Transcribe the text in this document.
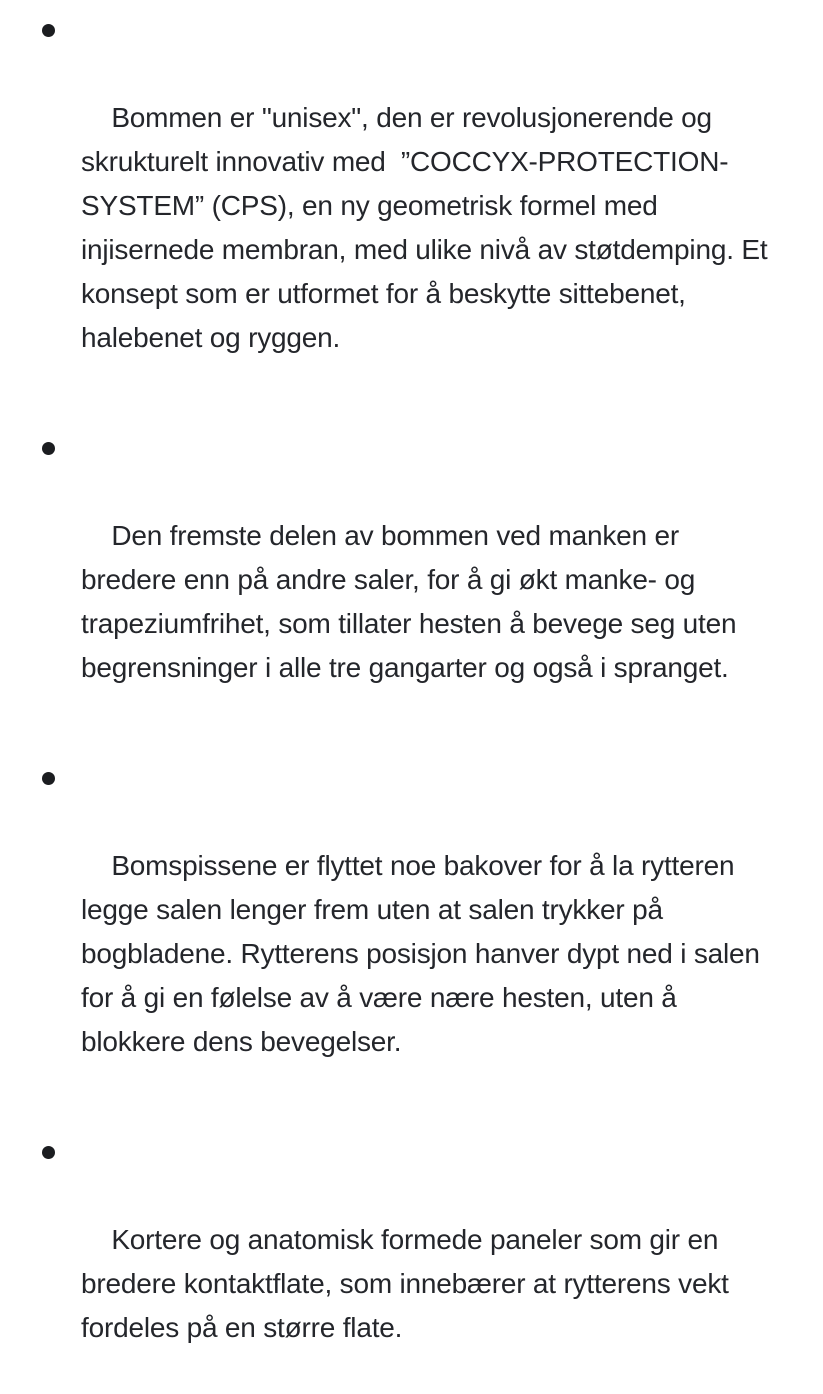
Bommen er "unisex", den er revolusjonerende og skrukturelt innovativ med  ”COCCYX-PROTECTION-SYSTEM” (CPS), en ny geometrisk formel med injisernede membran, med ulike nivå av støtdemping. Et konsept som er utformet for å beskytte sittebenet, halebenet og ryggen.

Den fremste delen av bommen ved manken er bredere enn på andre saler, for å gi økt manke- og trapeziumfrihet, som tillater hesten å bevege seg uten begrensninger i alle tre gangarter og også i spranget.

Bomspissene er flyttet noe bakover for å la rytteren legge salen lenger frem uten at salen trykker på bogbladene. Rytterens posisjon hanver dypt ned i salen for å gi en følelse av å være nære hesten, uten å blokkere dens bevegelser.

Kortere og anatomisk formede paneler som gir en bredere kontaktflate, som innebærer at rytterens vekt fordeles på en større flate.
